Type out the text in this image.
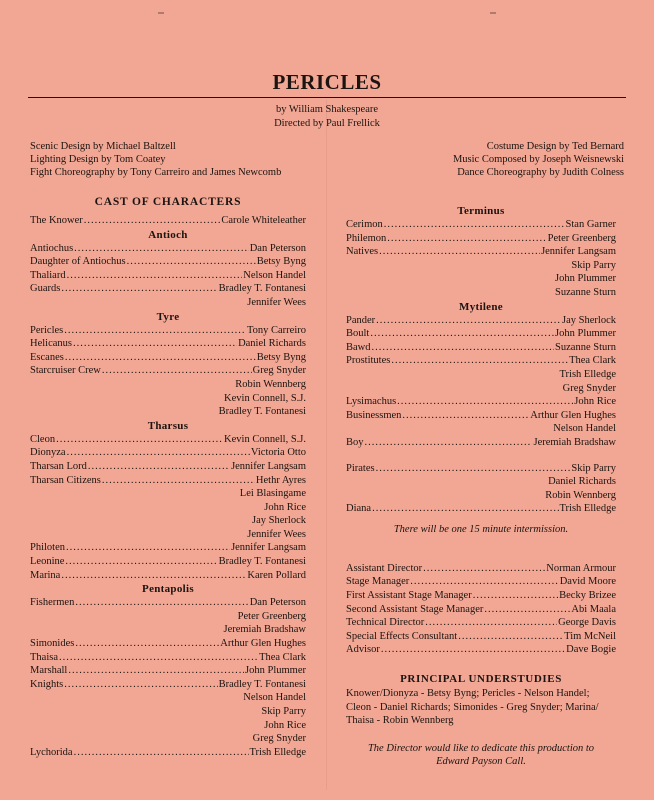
PERICLES
by William Shakespeare
Directed by Paul Frellick
Scenic Design by Michael Baltzell
Lighting Design by Tom Coatey
Fight Choreography by Tony Carreiro and James Newcomb
Costume Design by Ted Bernard
Music Composed by Joseph Weisnewski
Dance Choreography by Judith Colness
CAST OF CHARACTERS
The Knower .....	Carole Whiteleather
Antioch
Antiochus .....	Dan Peterson
Daughter of Antiochus .....	Betsy Byng
Thaliard .....	Nelson Handel
Guards .....	Bradley T. Fontanesi
Jennifer Wees
Tyre
Pericles .....	Tony Carreiro
Helicanus .....	Daniel Richards
Escanes .....	Betsy Byng
Starcruiser Crew .....	Greg Snyder
Robin Wennberg
Kevin Connell, S.J.
Bradley T. Fontanesi
Tharsus
Cleon .....	Kevin Connell, S.J.
Dionyza .....	Victoria Otto
Tharsan Lord .....	Jennifer Langsam
Tharsan Citizens .....	Hethr Ayres
Lei Blasingame
John Rice
Jay Sherlock
Jennifer Wees
Philoten .....	Jennifer Langsam
Leonine .....	Bradley T. Fontanesi
Marina .....	Karen Pollard
Pentapolis
Fishermen .....	Dan Peterson
Peter Greenberg
Jeremiah Bradshaw
Simonides .....	Arthur Glen Hughes
Thaisa .....	Thea Clark
Marshall .....	John Plummer
Knights .....	Bradley T. Fontanesi
Nelson Handel
Skip Parry
John Rice
Greg Snyder
Lychorida .....	Trish Elledge
Terminus
Cerimon .....	Stan Garner
Philemon .....	Peter Greenberg
Natives .....	Jennifer Langsam
Skip Parry
John Plummer
Suzanne Sturn
Mytilene
Pander .....	Jay Sherlock
Boult .....	John Plummer
Bawd .....	Suzanne Sturn
Prostitutes .....	Thea Clark
Trish Elledge
Greg Snyder
Lysimachus .....	John Rice
Businessmen .....	Arthur Glen Hughes
Nelson Handel
Boy .....	Jeremiah Bradshaw
Pirates .....	Skip Parry
Daniel Richards
Robin Wennberg
Diana .....	Trish Elledge
There will be one 15 minute intermission.
Assistant Director .....	Norman Armour
Stage Manager .....	David Moore
First Assistant Stage Manager .....	Becky Brizee
Second Assistant Stage Manager .....	Abi Maala
Technical Director .....	George Davis
Special Effects Consultant .....	Tim McNeil
Advisor .....	Dave Bogie
PRINCIPAL UNDERSTUDIES
Knower/Dionyza - Betsy Byng; Pericles - Nelson Handel;
Cleon - Daniel Richards; Simonides - Greg Snyder; Marina/
Thaisa - Robin Wennberg
The Director would like to dedicate this production to
Edward Payson Call.
